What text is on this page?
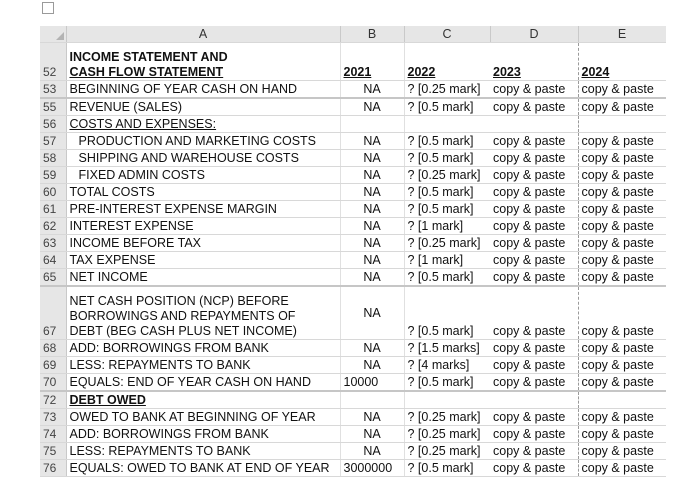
	A	B	C	D	E
52	INCOME STATEMENT AND
CASH FLOW STATEMENT	2021	2022	2023	2024
53	BEGINNING OF YEAR CASH ON HAND	NA	? [0.25 mark]	copy & paste	copy & paste
55	REVENUE (SALES)	NA	? [0.5 mark]	copy & paste	copy & paste
56	COSTS AND EXPENSES:				
57	PRODUCTION AND MARKETING COSTS	NA	? [0.5 mark]	copy & paste	copy & paste
58	SHIPPING AND WAREHOUSE COSTS	NA	? [0.5 mark]	copy & paste	copy & paste
59	FIXED ADMIN COSTS	NA	? [0.25 mark]	copy & paste	copy & paste
60	TOTAL COSTS	NA	? [0.5 mark]	copy & paste	copy & paste
61	PRE-INTEREST EXPENSE MARGIN	NA	? [0.5 mark]	copy & paste	copy & paste
62	INTEREST EXPENSE	NA	? [1 mark]	copy & paste	copy & paste
63	INCOME BEFORE TAX	NA	? [0.25 mark]	copy & paste	copy & paste
64	TAX EXPENSE	NA	? [1 mark]	copy & paste	copy & paste
65	NET INCOME	NA	? [0.5 mark]	copy & paste	copy & paste
67	NET CASH POSITION (NCP) BEFORE
BORROWINGS AND REPAYMENTS OF
DEBT (BEG CASH PLUS NET INCOME)	NA	? [0.5 mark]	copy & paste	copy & paste
68	ADD: BORROWINGS FROM BANK	NA	? [1.5 marks]	copy & paste	copy & paste
69	LESS: REPAYMENTS TO BANK	NA	? [4 marks]	copy & paste	copy & paste
70	EQUALS: END OF YEAR CASH ON HAND	10000	? [0.5 mark]	copy & paste	copy & paste
72	DEBT OWED				
73	OWED TO BANK AT BEGINNING OF YEAR	NA	? [0.25 mark]	copy & paste	copy & paste
74	ADD: BORROWINGS FROM BANK	NA	? [0.25 mark]	copy & paste	copy & paste
75	LESS: REPAYMENTS TO BANK	NA	? [0.25 mark]	copy & paste	copy & paste
76	EQUALS: OWED TO BANK AT END OF YEAR	3000000	? [0.5 mark]	copy & paste	copy & paste
